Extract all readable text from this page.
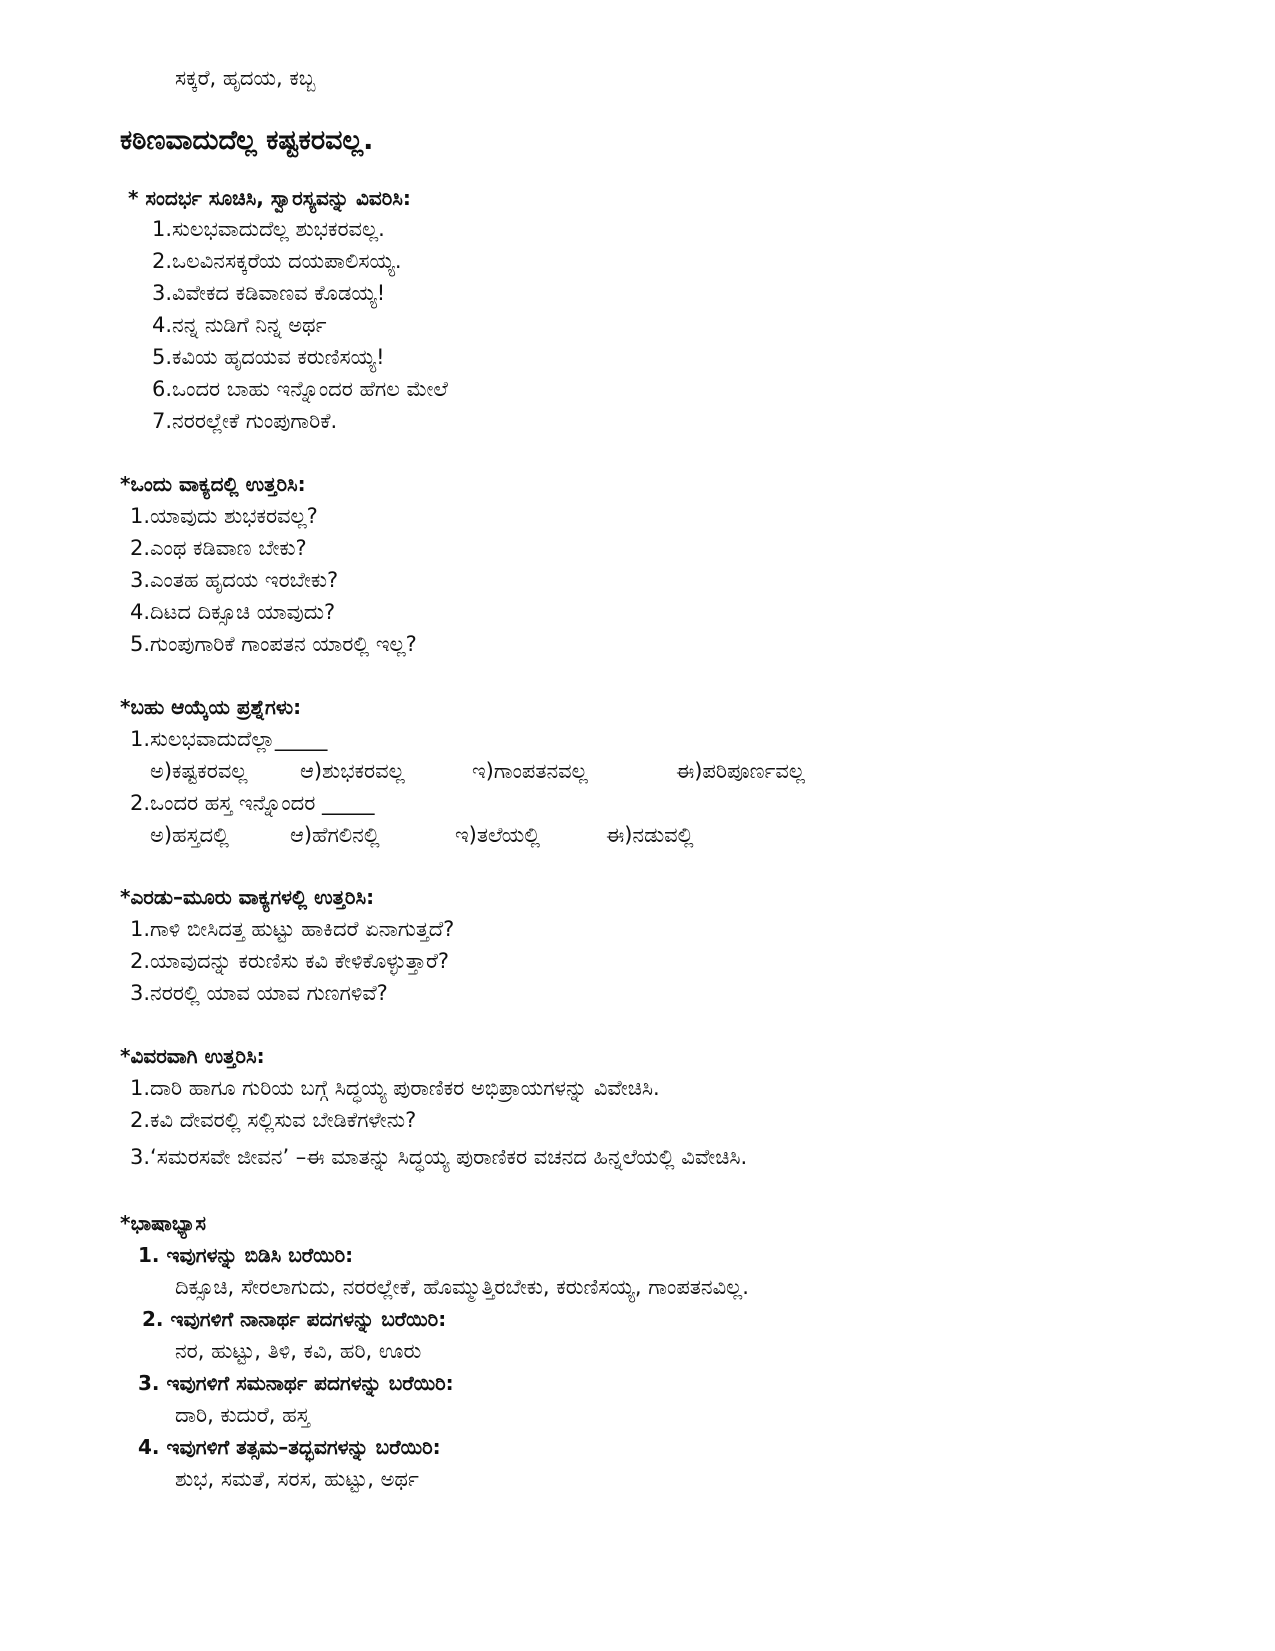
ಸಕ್ಕರೆ, ಹೃದಯ, ಕಬ್ಬ
ಕಠಿಣವಾದುದೆಲ್ಲ ಕಷ್ಟಕರವಲ್ಲ.
* ಸಂದರ್ಭ ಸೂಚಿಸಿ, ಸ್ವಾರಸ್ಯವನ್ನು ವಿವರಿಸಿ:
1.ಸುಲಭವಾದುದೆಲ್ಲ ಶುಭಕರವಲ್ಲ.
2.ಒಲವಿನಸಕ್ಕರೆಯ ದಯಪಾಲಿಸಯ್ಯ.
3.ವಿವೇಕದ ಕಡಿವಾಣವ ಕೊಡಯ್ಯ!
4.ನನ್ನ ನುಡಿಗೆ ನಿನ್ನ ಅರ್ಥ
5.ಕವಿಯ ಹೃದಯವ ಕರುಣಿಸಯ್ಯ!
6.ಒಂದರ ಬಾಹು ಇನ್ನೊಂದರ ಹೆಗಲ ಮೇಲೆ
7.ನರರಲ್ಲೇಕೆ ಗುಂಪುಗಾರಿಕೆ.
*ಒಂದು ವಾಕ್ಯದಲ್ಲಿ ಉತ್ತರಿಸಿ:
1.ಯಾವುದು ಶುಭಕರವಲ್ಲ?
2.ಎಂಥ ಕಡಿವಾಣ ಬೇಕು?
3.ಎಂತಹ ಹೃದಯ ಇರಬೇಕು?
4.ದಿಟದ ದಿಕ್ಸೂಚಿ ಯಾವುದು?
5.ಗುಂಪುಗಾರಿಕೆ ಗಾಂಪತನ ಯಾರಲ್ಲಿ ಇಲ್ಲ?
*ಬಹು ಆಯ್ಕೆಯ ಪ್ರಶ್ನೆಗಳು:
1.ಸುಲಭವಾದುದೆಲ್ಲಾ_____
ಅ)ಕಷ್ಟಕರವಲ್ಲ	ಆ)ಶುಭಕರವಲ್ಲ	ಇ)ಗಾಂಪತನವಲ್ಲ	ಈ)ಪರಿಪೂರ್ಣವಲ್ಲ
2.ಒಂದರ ಹಸ್ತ ಇನ್ನೊಂದರ _____
ಅ)ಹಸ್ತದಲ್ಲಿ	ಆ)ಹೆಗಲಿನಲ್ಲಿ	ಇ)ತಲೆಯಲ್ಲಿ	ಈ)ನಡುವಲ್ಲಿ
*ಎರಡು–ಮೂರು ವಾಕ್ಯಗಳಲ್ಲಿ ಉತ್ತರಿಸಿ:
1.ಗಾಳಿ ಬೀಸಿದತ್ತ ಹುಟ್ಟು ಹಾಕಿದರೆ ಏನಾಗುತ್ತದೆ?
2.ಯಾವುದನ್ನು ಕರುಣಿಸು ಕವಿ ಕೇಳಿಕೊಳ್ಳುತ್ತಾರೆ?
3.ನರರಲ್ಲಿ ಯಾವ ಯಾವ ಗುಣಗಳಿವೆ?
*ವಿವರವಾಗಿ ಉತ್ತರಿಸಿ:
1.ದಾರಿ ಹಾಗೂ ಗುರಿಯ ಬಗ್ಗೆ ಸಿದ್ಧಯ್ಯ ಪುರಾಣಿಕರ ಅಭಿಪ್ರಾಯಗಳನ್ನು ವಿವೇಚಿಸಿ.
2.ಕವಿ ದೇವರಲ್ಲಿ ಸಲ್ಲಿಸುವ ಬೇಡಿಕೆಗಳೇನು?
3.‘ಸಮರಸವೇ ಜೀವನ’ –ಈ ಮಾತನ್ನು ಸಿದ್ಧಯ್ಯ ಪುರಾಣಿಕರ ವಚನದ ಹಿನ್ನಲೆಯಲ್ಲಿ ವಿವೇಚಿಸಿ.
*ಭಾಷಾಭ್ಯಾಸ
1. ಇವುಗಳನ್ನು ಬಿಡಿಸಿ ಬರೆಯಿರಿ:
ದಿಕ್ಸೂಚಿ, ಸೇರಲಾಗುದು, ನರರಲ್ಲೇಕೆ, ಹೊಮ್ಮುತ್ತಿರಬೇಕು, ಕರುಣಿಸಯ್ಯ, ಗಾಂಪತನವಿಲ್ಲ.
2. ಇವುಗಳಿಗೆ ನಾನಾರ್ಥ ಪದಗಳನ್ನು ಬರೆಯಿರಿ:
ನರ, ಹುಟ್ಟು, ತಿಳಿ, ಕವಿ, ಹರಿ, ಊರು
3. ಇವುಗಳಿಗೆ ಸಮನಾರ್ಥ ಪದಗಳನ್ನು ಬರೆಯಿರಿ:
ದಾರಿ, ಕುದುರೆ, ಹಸ್ತ
4. ಇವುಗಳಿಗೆ ತತ್ಸಮ–ತದ್ಭವಗಳನ್ನು ಬರೆಯಿರಿ:
ಶುಭ, ಸಮತೆ, ಸರಸ, ಹುಟ್ಟು, ಅರ್ಥ
